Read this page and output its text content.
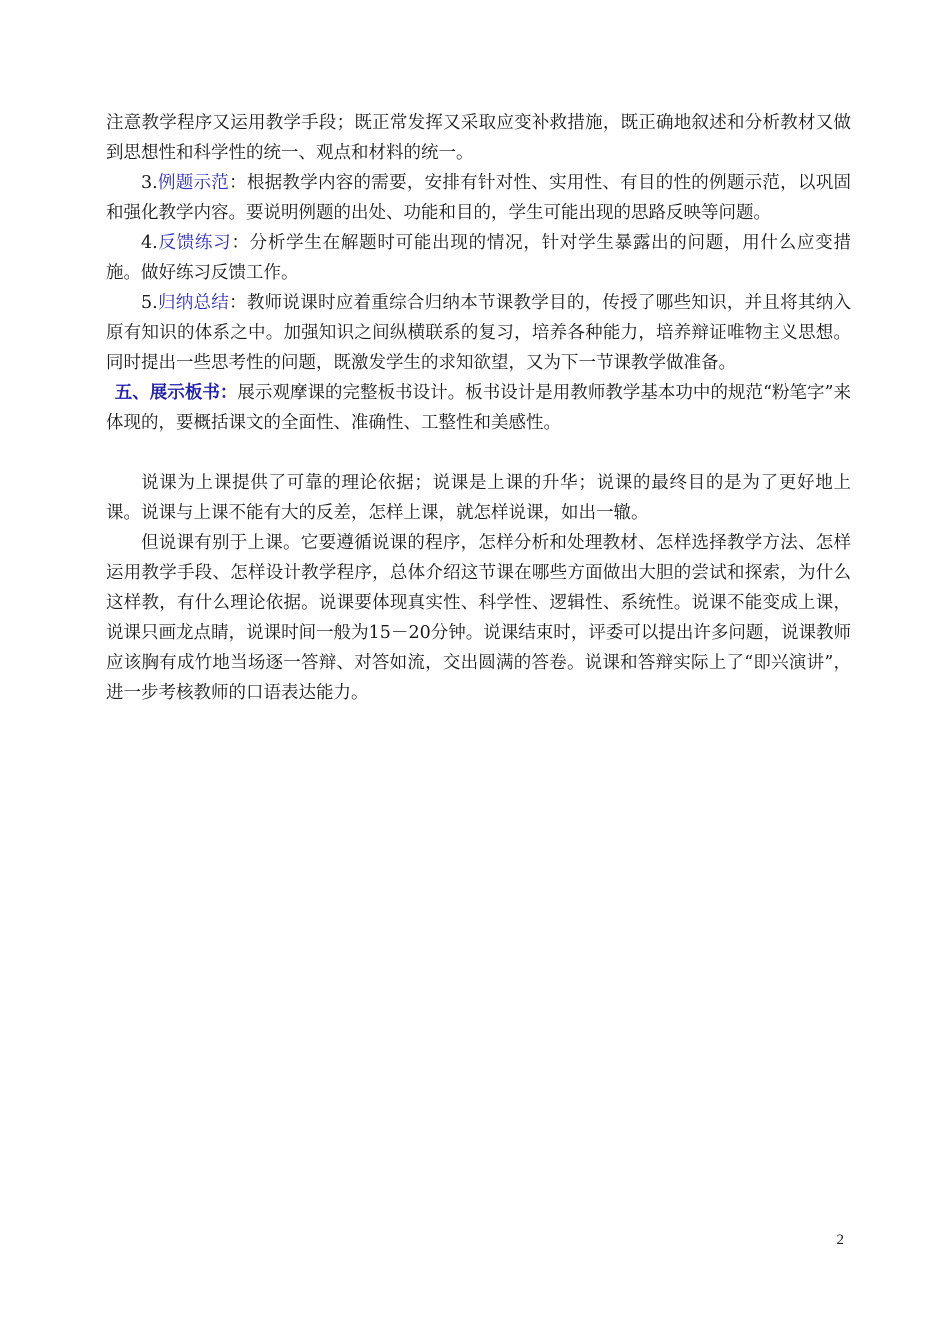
注意教学程序又运用教学手段；既正常发挥又采取应变补救措施，既正确地叙述和分析教材又做到思想性和科学性的统一、观点和材料的统一。

3.例题示范：根据教学内容的需要，安排有针对性、实用性、有目的性的例题示范，以巩固和强化教学内容。要说明例题的出处、功能和目的，学生可能出现的思路反映等问题。

4.反馈练习：分析学生在解题时可能出现的情况，针对学生暴露出的问题，用什么应变措施。做好练习反馈工作。

5.归纳总结：教师说课时应着重综合归纳本节课教学目的，传授了哪些知识，并且将其纳入原有知识的体系之中。加强知识之间纵横联系的复习，培养各种能力，培养辩证唯物主义思想。同时提出一些思考性的问题，既激发学生的求知欲望，又为下一节课教学做准备。

五、展示板书：展示观摩课的完整板书设计。板书设计是用教师教学基本功中的规范“粉笔字”来体现的，要概括课文的全面性、准确性、工整性和美感性。

说课为上课提供了可靠的理论依据；说课是上课的升华；说课的最终目的是为了更好地上课。说课与上课不能有大的反差，怎样上课，就怎样说课，如出一辙。

但说课有别于上课。它要遵循说课的程序，怎样分析和处理教材、怎样选择教学方法、怎样运用教学手段、怎样设计教学程序，总体介绍这节课在哪些方面做出大胆的尝试和探索，为什么这样教，有什么理论依据。说课要体现真实性、科学性、逻辑性、系统性。说课不能变成上课，说课只画龙点睛，说课时间一般为15－20分钟。说课结束时，评委可以提出许多问题，说课教师应该胸有成竹地当场逐一答辩、对答如流，交出圆满的答卷。说课和答辩实际上了“即兴演讲”，进一步考核教师的口语表达能力。

2
